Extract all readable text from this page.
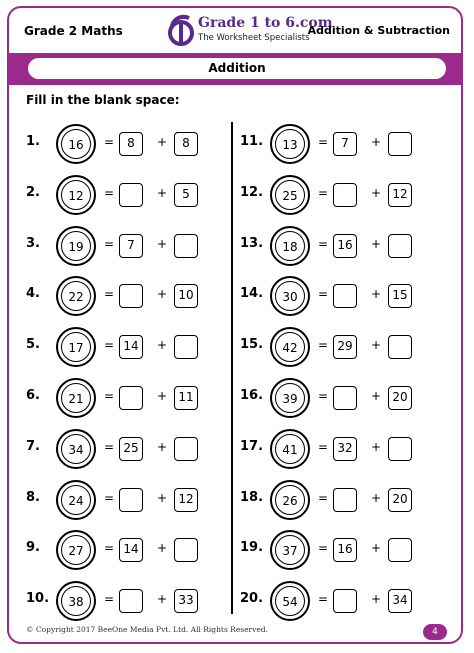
Grade 2 Maths	Grade 1 to 6.com
The Worksheet Specialists
Addition & Subtraction
Addition
Fill in the blank space:
1.	16	=	8	+	8
2.	12	=	+	5
3.	19	=	7	+
4.	22	=	+ 10
5.	17	= 14	+
6.	21	=	+ 11
7.	34	= 25	+
8.	24	=	+ 12
9.	27	= 14	+
10.	38	=	+ 33
11.	13	=	7	+
12.	25	=	+ 12
13.	18	= 16	+
14.	30	=	+ 15
15.	42	= 29	+
16.	39	=	+ 20
17.	41	= 32	+
18.	26	=	+ 20
19.	37	= 16	+
20.	54	=	+ 34
© Copyright 2017 BeeOne Media Pvt. Ltd. All Rights Reserved.	4
